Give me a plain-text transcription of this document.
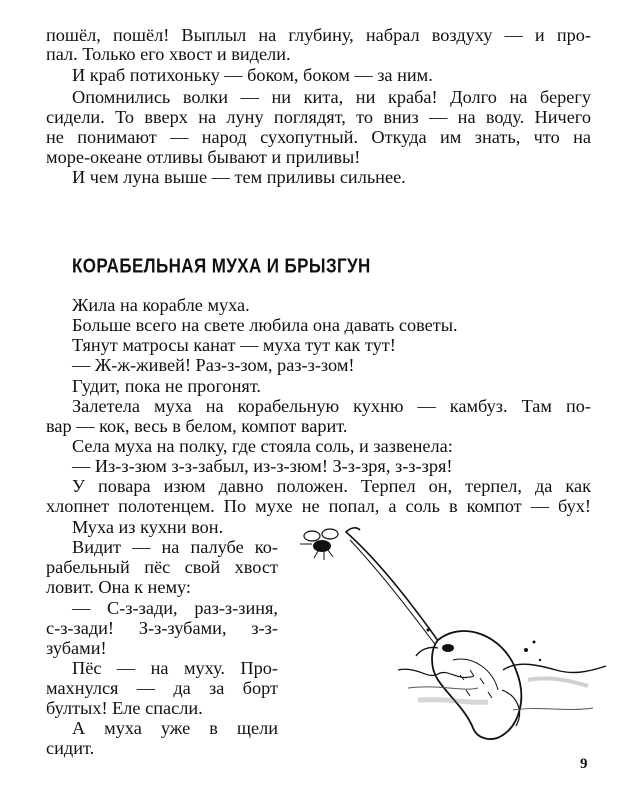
пошёл, пошёл! Выплыл на глубину, набрал воздуху — и про-

пал. Только его хвост и видели.

И краб потихоньку — боком, боком — за ним.

Опомнились волки — ни кита, ни краба! Долго на берегу

сидели. То вверх на луну поглядят, то вниз — на воду. Ничего

не понимают — народ сухопутный. Откуда им знать, что на

море-океане отливы бывают и приливы!

И чем луна выше — тем приливы сильнее.

КОРАБЕЛЬНАЯ МУХА И БРЫЗГУН

Жила на корабле муха.

Больше всего на свете любила она давать советы.

Тянут матросы канат — муха тут как тут!

— Ж-ж-живей! Раз-з-зом, раз-з-зом!

Гудит, пока не прогонят.

Залетела муха на корабельную кухню — камбуз. Там по-

вар — кок, весь в белом, компот варит.

Села муха на полку, где стояла соль, и зазвенела:

— Из-з-зюм з-з-забыл, из-з-зюм! З-з-зря, з-з-зря!

У повара изюм давно положен. Терпел он, терпел, да как

хлопнет полотенцем. По мухе не попал, а соль в компот — бух!

Муха из кухни вон.

Видит — на палубе ко-

рабельный пёс свой хвост

ловит. Она к нему:

— С-з-зади, раз-з-зиня,

с-з-зади! З-з-зубами, з-з-

зубами!

Пёс — на муху. Про-

махнулся — да за борт

бултых! Еле спасли.

А муха уже в щели

сидит.

9
